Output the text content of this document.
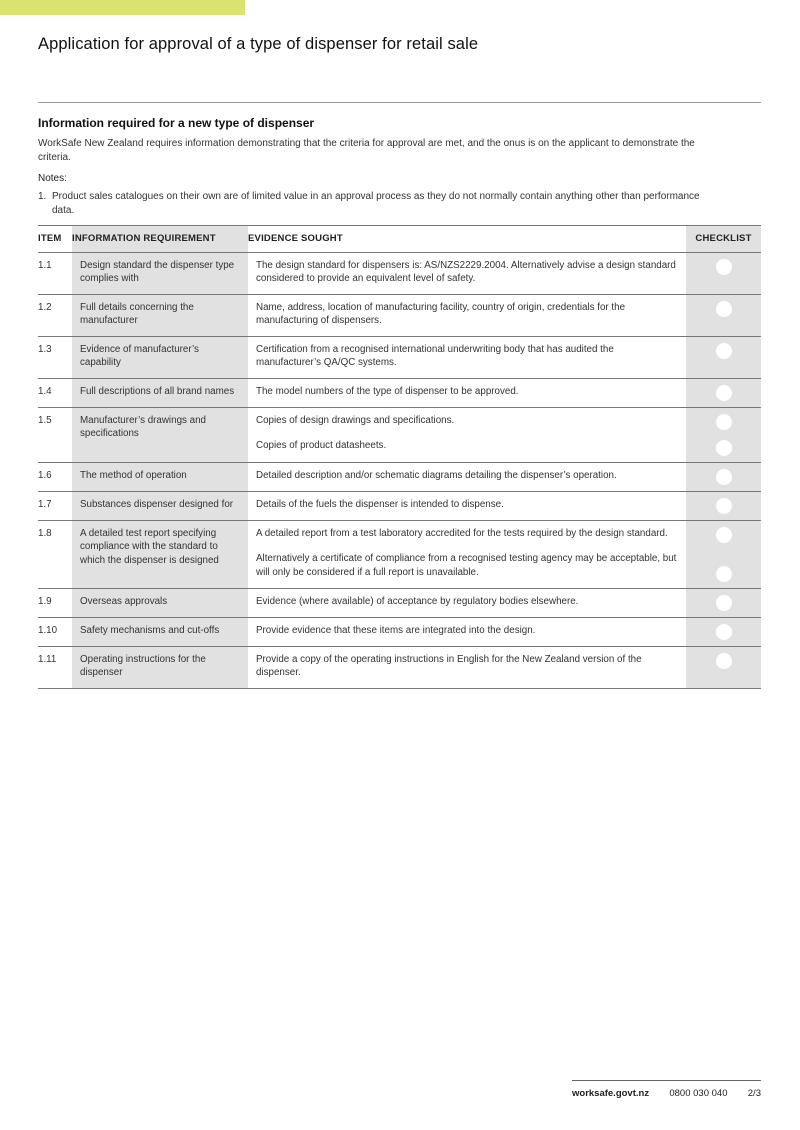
Application for approval of a type of dispenser for retail sale
Information required for a new type of dispenser

WorkSafe New Zealand requires information demonstrating that the criteria for approval are met, and the onus is on the applicant to demonstrate the criteria.

Notes:
1. Product sales catalogues on their own are of limited value in an approval process as they do not normally contain anything other than performance data.
ITEM	INFORMATION REQUIREMENT	EVIDENCE SOUGHT	CHECKLIST
1.1	Design standard the dispenser type complies with	The design standard for dispensers is: AS/NZS2229.2004. Alternatively advise a design standard considered to provide an equivalent level of safety.	

1.2	Full details concerning the manufacturer	Name, address, location of manufacturing facility, country of origin, credentials for the manufacturing of dispensers.	

1.3	Evidence of manufacturer’s capability	Certification from a recognised international underwriting body that has audited the manufacturer’s QA/QC systems.	

1.4	Full descriptions of all brand names	The model numbers of the type of dispenser to be approved.	

1.5	Manufacturer’s drawings and specifications	Copies of design drawings and specifications.
Copies of product datasheets.	

1.6	The method of operation	Detailed description and/or schematic diagrams detailing the dispenser’s operation.	

1.7	Substances dispenser designed for	Details of the fuels the dispenser is intended to dispense.	

1.8	A detailed test report specifying compliance with the standard to which the dispenser is designed	A detailed report from a test laboratory accredited for the tests required by the design standard.
Alternatively a certificate of compliance from a recognised testing agency may be acceptable, but will only be considered if a full report is unavailable.	

1.9	Overseas approvals	Evidence (where available) of acceptance by regulatory bodies elsewhere.	

1.10	Safety mechanisms and cut-offs	Provide evidence that these items are integrated into the design.	

1.11	Operating instructions for the dispenser	Provide a copy of the operating instructions in English for the New Zealand version of the dispenser.	

worksafe.govt.nz 0800 030 040 2/3
